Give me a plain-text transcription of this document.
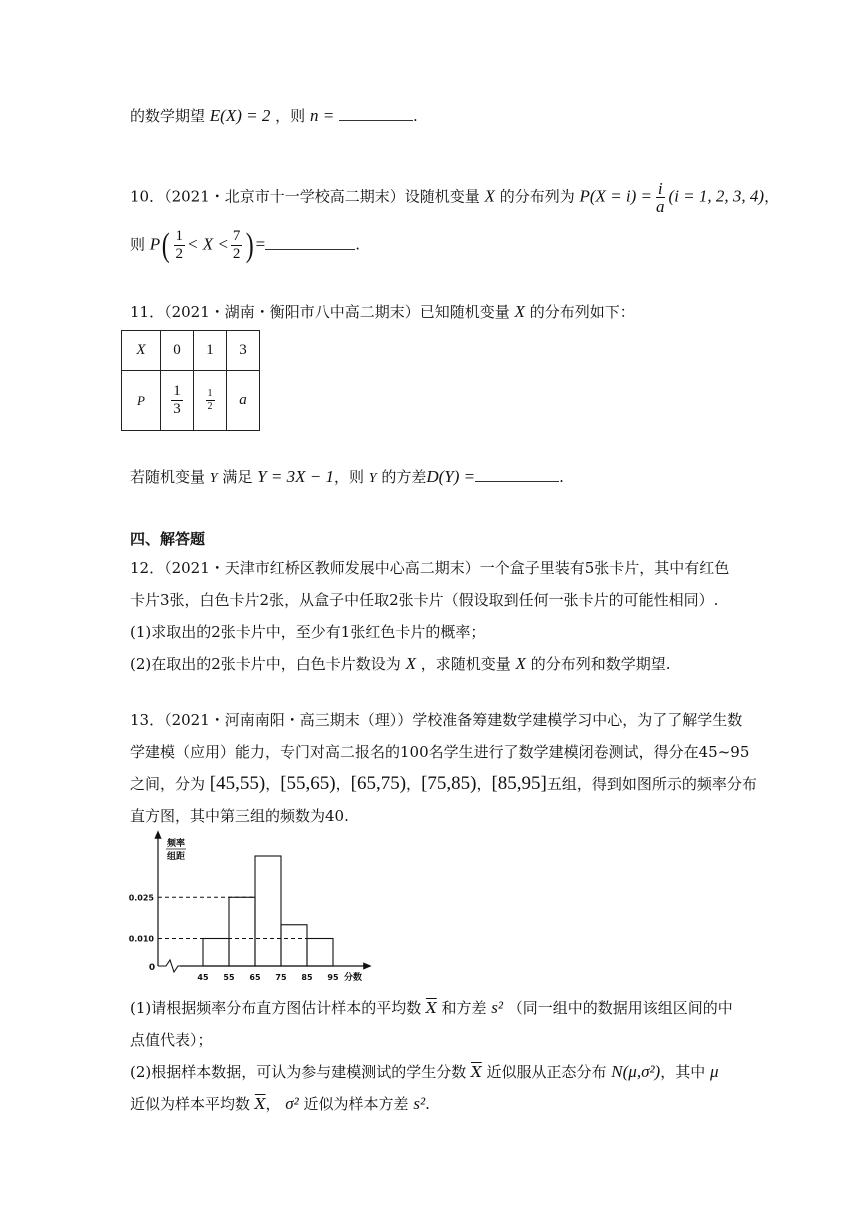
的数学期望 E(X) = 2 ，则 n =	.
10．（2021・北京市十一学校高二期末）设随机变量 X 的分布列为 $P(X = i) = \frac{i}{a} (i = 1$, 2, 3, 4)，
则 $P( \frac{1}{2} < X < \frac{7}{2}$ )=	.
11．（2021・湖南・衡阳市八中高二期末）已知随机变量 X 的分布列如下：
X	0	1	3
P	$\frac{1}{3}$	$\frac{1}{2}$	a
若随机变量 Y 满足 Y = 3X − 1，则 Y 的方差D(Y) =	.
四、解答题
12．（2021・天津市红桥区教师发展中心高二期末）一个盒子里装有5张卡片，其中有红色
卡片3张，白色卡片2张，从盒子中任取2张卡片（假设取到任何一张卡片的可能性相同）.
(1)求取出的2张卡片中，至少有1张红色卡片的概率；
(2)在取出的2张卡片中，白色卡片数设为 X ，求随机变量 X 的分布列和数学期望.
13．（2021・河南南阳・高三期末（理））学校准备筹建数学建模学习中心，为了了解学生数
学建模（应用）能力，专门对高二报名的100名学生进行了数学建模闭卷测试，得分在45~95
之间，分为 [45,55)，[55,65)，[65,75)，[75,85)，[85,95]五组，得到如图所示的频率分布
直方图，其中第三组的频数为40.
频率
组距
0
0.010
0.025
45 55 65 75 85 95 分数
(1)请根据频率分布直方图估计样本的平均数 $\overline{X}$ 和方差 s² （同一组中的数据用该组区间的中
点值代表）；
(2)根据样本数据，可认为参与建模测试的学生分数 $\overline{X}$ 近似服从正态分布 N(μ,σ²)，其中 μ
近似为样本平均数 $\overline{X}$， σ² 近似为样本方差 s².
